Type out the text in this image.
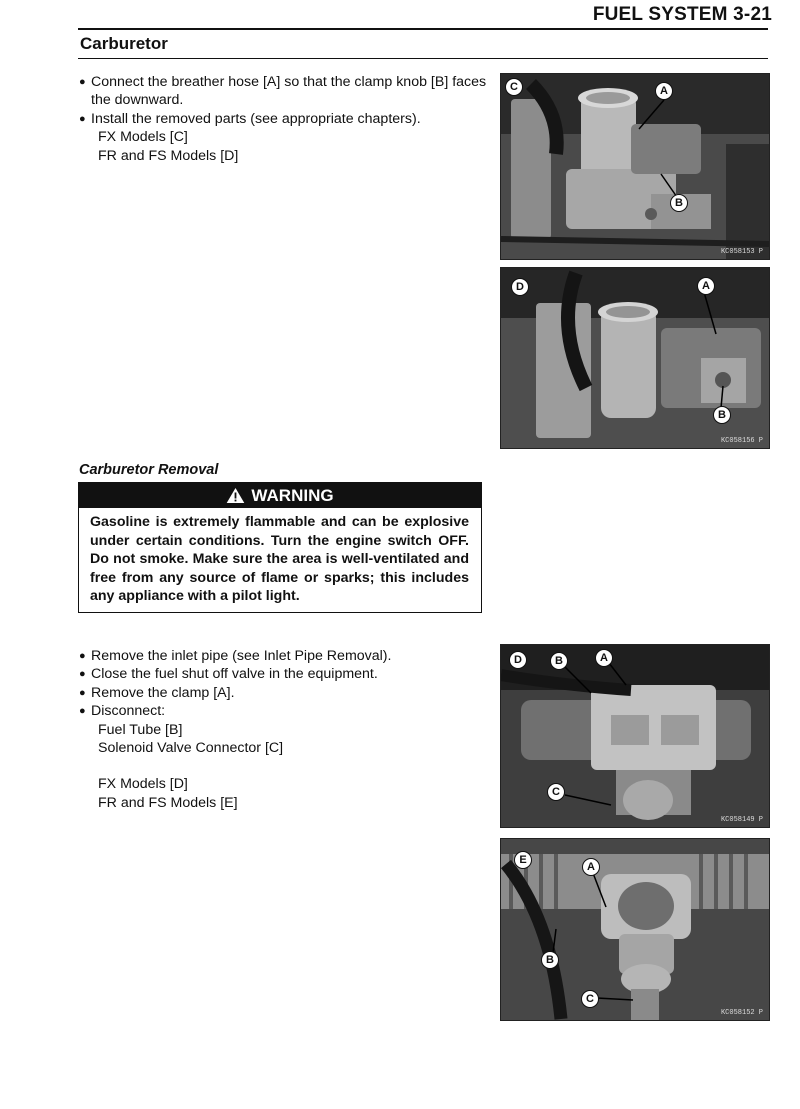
FUEL SYSTEM 3-21
Carburetor
● Connect the breather hose [A] so that the clamp knob [B] faces the downward.
● Install the removed parts (see appropriate chapters).
FX Models [C]
FR and FS Models [D]
Carburetor Removal
WARNING
Gasoline is extremely flammable and can be explosive under certain conditions. Turn the engine switch OFF. Do not smoke. Make sure the area is well-ventilated and free from any source of flame or sparks; this includes any appliance with a pilot light.
● Remove the inlet pipe (see Inlet Pipe Removal).
● Close the fuel shut off valve in the equipment.
● Remove the clamp [A].
● Disconnect:
Fuel Tube [B]
Solenoid Valve Connector [C]
FX Models [D]
FR and FS Models [E]
C	A
B
KC058153 P
D	A
B
KC058156 P
D	B	A
C
KC058149 P
E
A
B
C
KC058152 P
